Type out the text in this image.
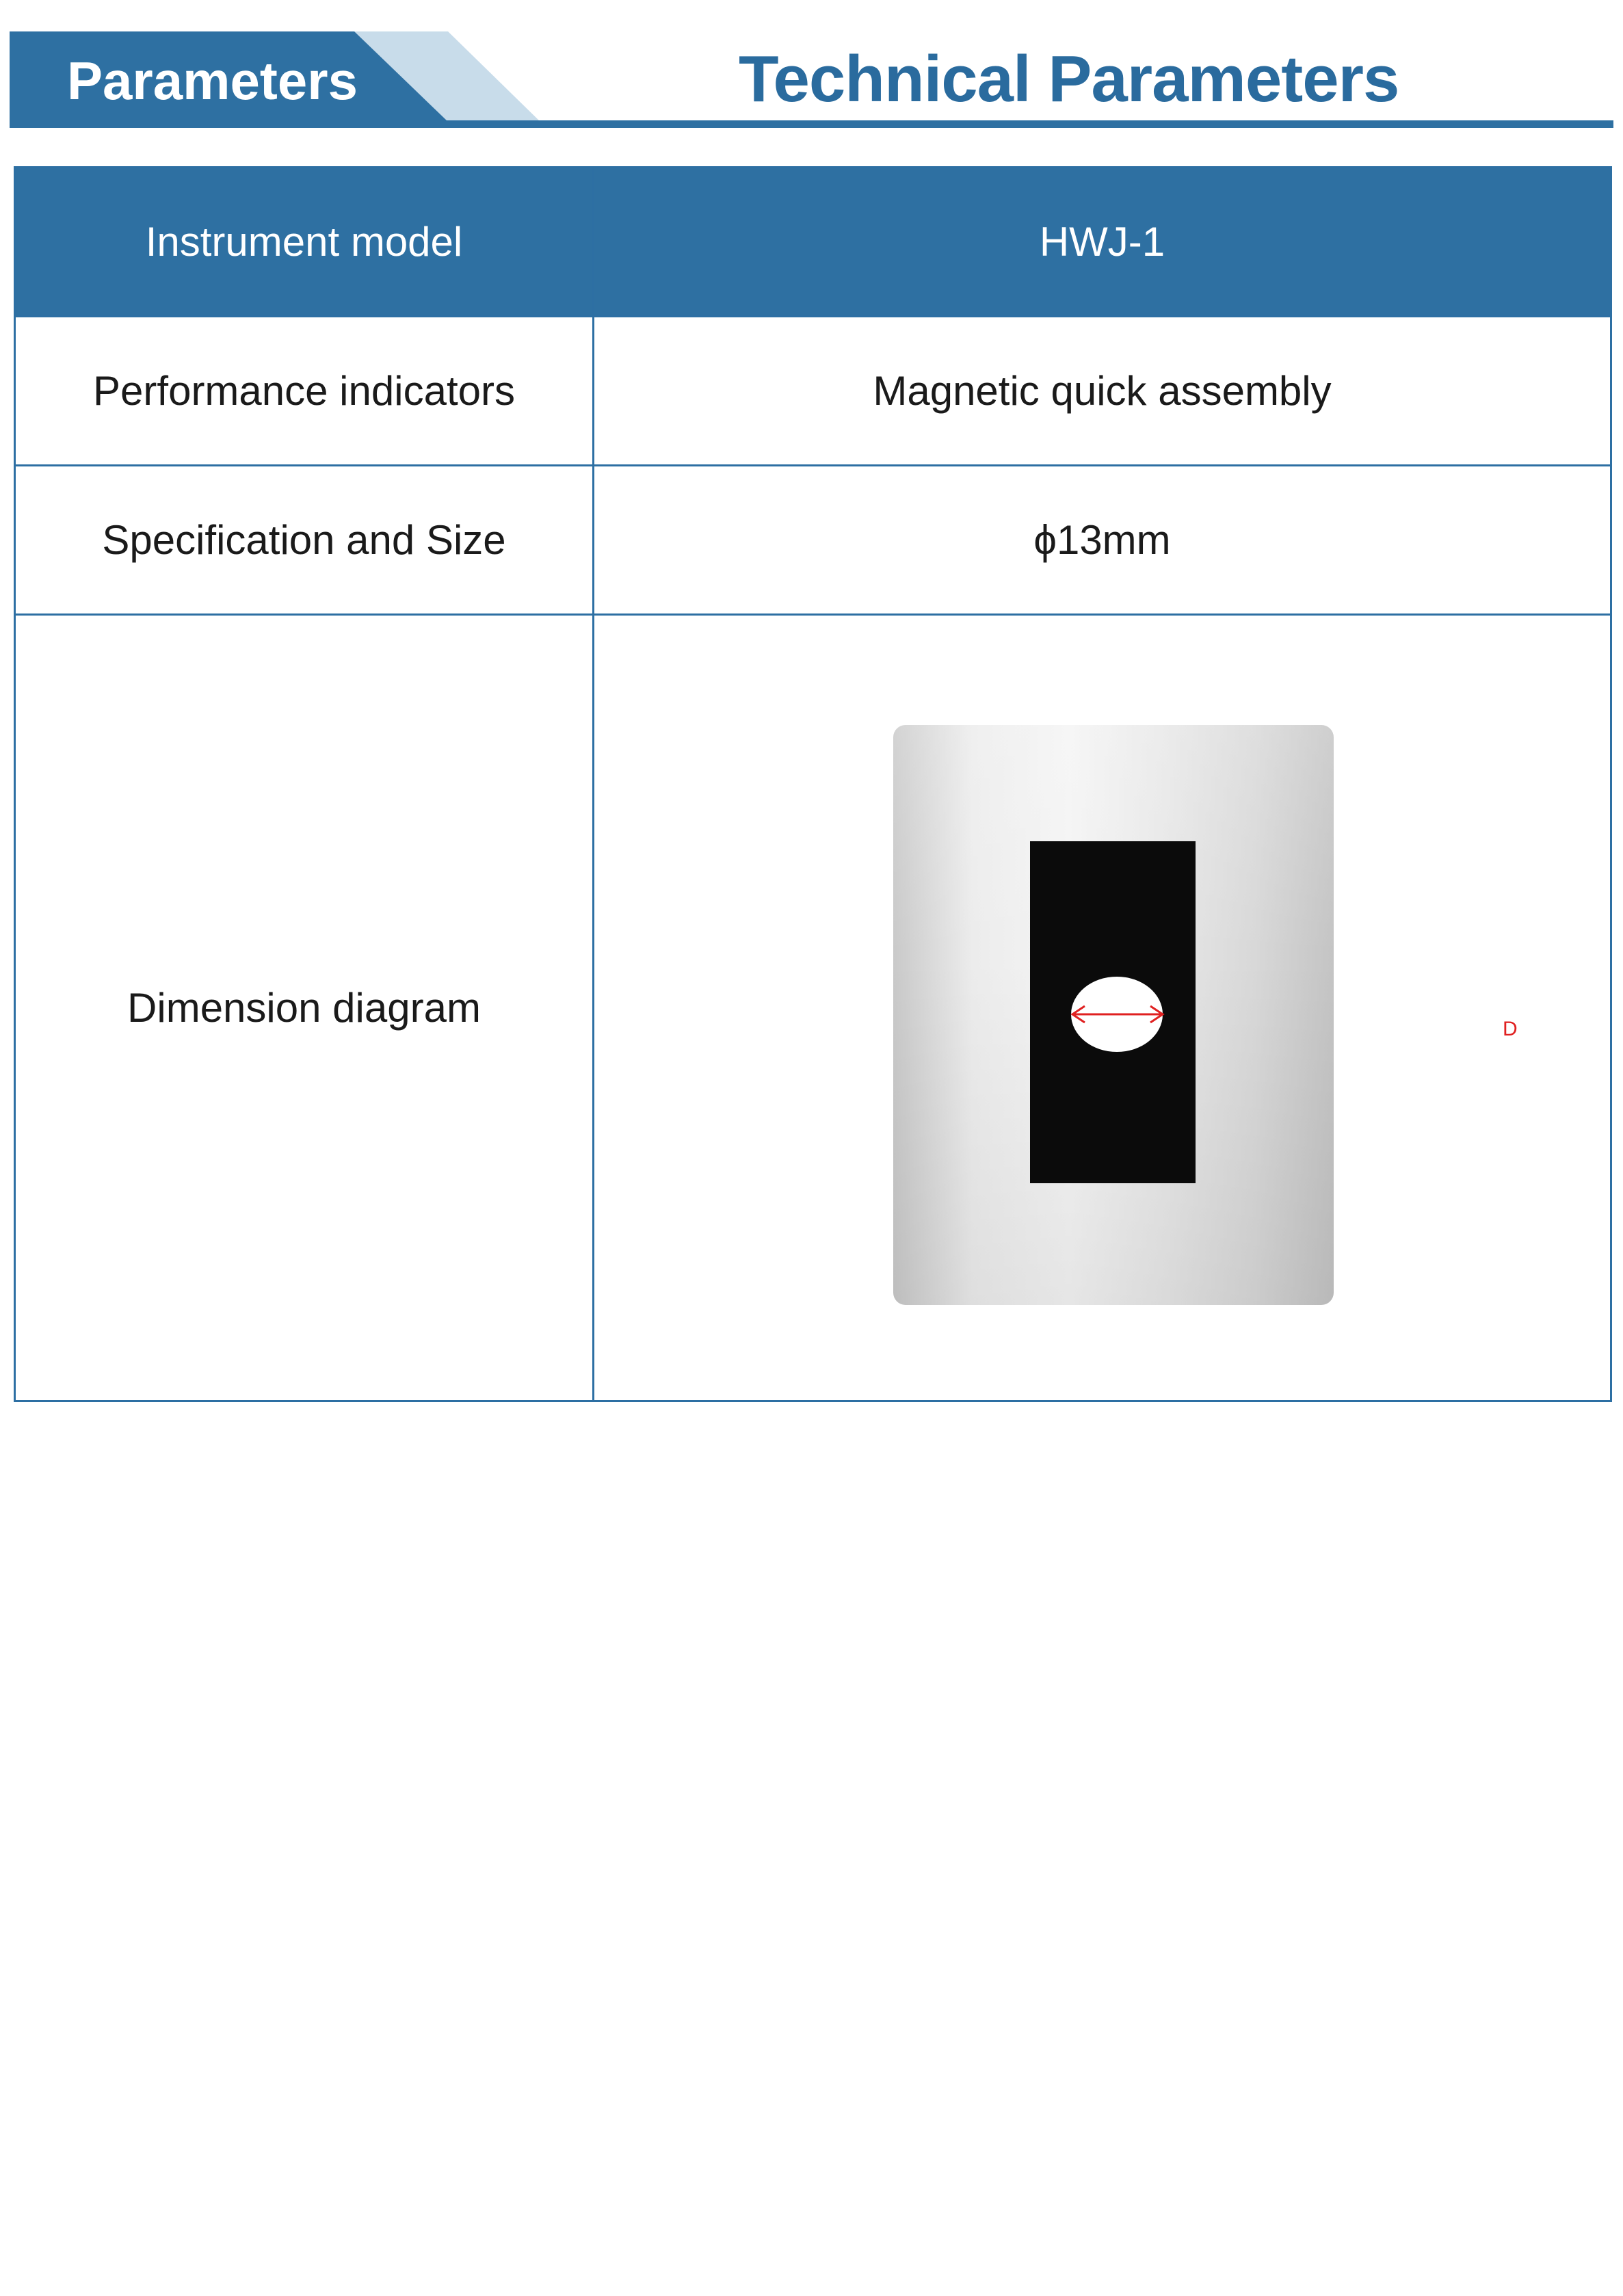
Parameters	Technical Parameters
Instrument model	HWJ-1
Performance indicators	Magnetic quick assembly
Specification and Size	ϕ13mm
Dimension diagram	D
